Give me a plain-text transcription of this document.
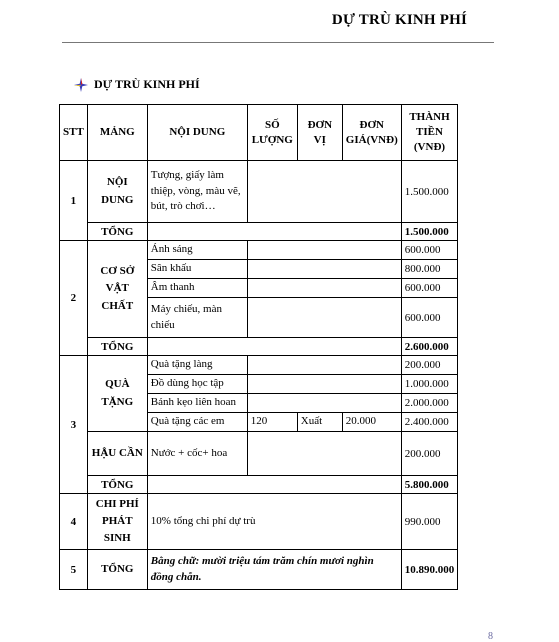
DỰ TRÙ KINH PHÍ
DỰ TRÙ KINH PHÍ
STT	MẢNG	NỘI DUNG	SỐ LƯỢNG	ĐƠN VỊ	ĐƠN GIÁ(VNĐ)	THÀNH TIỀN (VNĐ)
1	NỘI DUNG	Tượng, giấy làm thiệp, vòng, màu vẽ, bút, trò chơi…				1.500.000
	TỔNG					1.500.000
2	CƠ SỞ VẬT CHẤT	Ánh sáng				600.000
		Sân khấu				800.000
		Âm thanh				600.000
		Máy chiếu, màn chiếu				600.000
	TỔNG					2.600.000
3	QUÀ TẶNG	Quà tặng làng				200.000
		Đồ dùng học tập				1.000.000
		Bánh kẹo liên hoan				2.000.000
		Quà tặng các em	120	Xuất	20.000	2.400.000
	HẬU CẦN	Nước + cốc+ hoa				200.000
	TỔNG					5.800.000
4	CHI PHÍ PHÁT SINH	10% tổng chi phí dự trù				990.000
5	TỔNG	Bằng chữ: mười triệu tám trăm chín mươi nghìn đồng chẵn.				10.890.000
8
